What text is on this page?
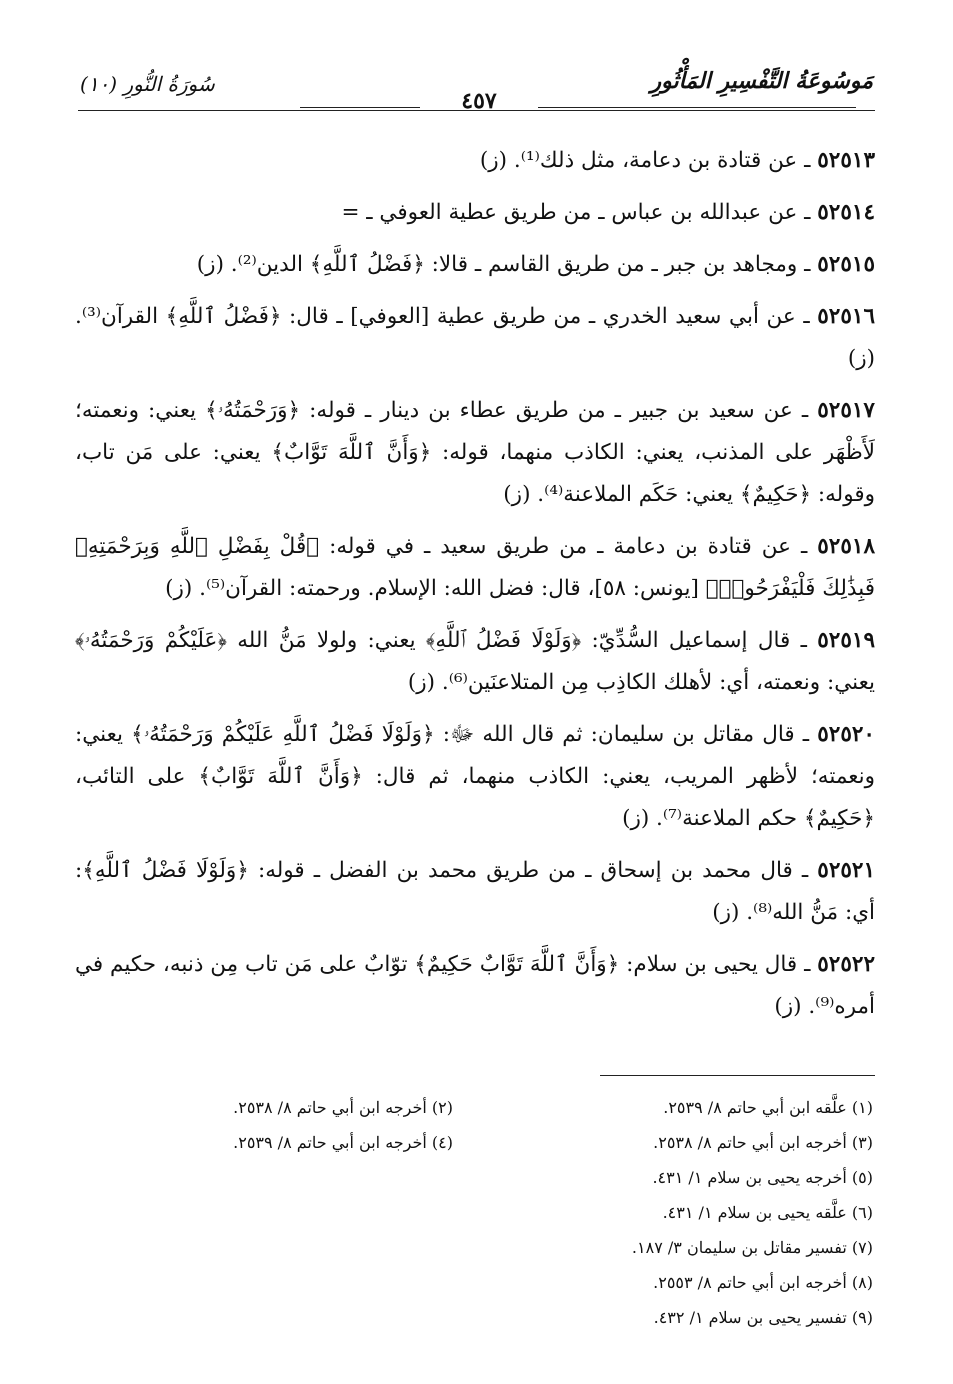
مَوسُوعَةُ التَّفْسِيرِ المَأْثُورِ
سُورَةُ النُّورِ (١٠)
٤٥٧

٥٢٥١٣ ـ عن قتادة بن دعامة، مثل ذلك⁽¹⁾. (ز)

٥٢٥١٤ ـ عن عبدالله بن عباس ـ من طريق عطية العوفي ـ =

٥٢٥١٥ ـ ومجاهد بن جبر ـ من طريق القاسم ـ قالا: ﴿فَضْلُ ٱللَّهِ﴾ الدين⁽²⁾. (ز)

٥٢٥١٦ ـ عن أبي سعيد الخدري ـ من طريق عطية [العوفي] ـ قال: ﴿فَضْلُ ٱللَّهِ﴾ القرآن⁽³⁾. (ز)

٥٢٥١٧ ـ عن سعيد بن جبير ـ من طريق عطاء بن دينار ـ قوله: ﴿وَرَحْمَتُهُۥ﴾ يعني: ونعمته؛ لَأَظْهَر على المذنب، يعني: الكاذب منهما، قوله: ﴿وَأَنَّ ٱللَّهَ تَوَّابٌ﴾ يعني: على مَن تاب، وقوله: ﴿حَكِيمٌ﴾ يعني: حَكَم الملاعنة⁽⁴⁾. (ز)

٥٢٥١٨ ـ عن قتادة بن دعامة ـ من طريق سعيد ـ في قوله: ﴿قُلْ بِفَضْلِ ٱللَّهِ وَبِرَحْمَتِهِۦ فَبِذَٰلِكَ فَلْيَفْرَحُوا۟﴾ [يونس: ٥٨]، قال: فضل الله: الإسلام. ورحمته: القرآن⁽⁵⁾. (ز)

٥٢٥١٩ ـ قال إسماعيل السُّدِّيّ: ﴿وَلَوْلَا فَضْلُ ٱللَّهِ﴾ يعني: ولولا مَنُّ الله ﴿عَلَيْكُمْ وَرَحْمَتُهُۥ﴾ يعني: ونعمته، أي: لأهلك الكاذِب مِن المتلاعنَين⁽⁶⁾. (ز)

٥٢٥٢٠ ـ قال مقاتل بن سليمان: ثم قال الله ﷻ: ﴿وَلَوْلَا فَضْلُ ٱللَّهِ عَلَيْكُمْ وَرَحْمَتُهُۥ﴾ يعني: ونعمته؛ لأظهر المريب، يعني: الكاذب منهما، ثم قال: ﴿وَأَنَّ ٱللَّهَ تَوَّابٌ﴾ على التائب، ﴿حَكِيمٌ﴾ حكم الملاعنة⁽⁷⁾. (ز)

٥٢٥٢١ ـ قال محمد بن إسحاق ـ من طريق محمد بن الفضل ـ قوله: ﴿وَلَوْلَا فَضْلُ ٱللَّهِ﴾: أي: مَنُّ الله⁽⁸⁾. (ز)

٥٢٥٢٢ ـ قال يحيى بن سلام: ﴿وَأَنَّ ٱللَّهَ تَوَّابٌ حَكِيمٌ﴾ توّابٌ على مَن تاب مِن ذنبه، حكيم في أمره⁽⁹⁾. (ز)

(١) علَّقه ابن أبي حاتم ٨/ ٢٥٣٩.
(٣) أخرجه ابن أبي حاتم ٨/ ٢٥٣٨.
(٥) أخرجه يحيى بن سلام ١/ ٤٣١.
(٦) علَّقه يحيى بن سلام ١/ ٤٣١.
(٧) تفسير مقاتل بن سليمان ٣/ ١٨٧.
(٨) أخرجه ابن أبي حاتم ٨/ ٢٥٥٣.
(٩) تفسير يحيى بن سلام ١/ ٤٣٢.
(٢) أخرجه ابن أبي حاتم ٨/ ٢٥٣٨.
(٤) أخرجه ابن أبي حاتم ٨/ ٢٥٣٩.
